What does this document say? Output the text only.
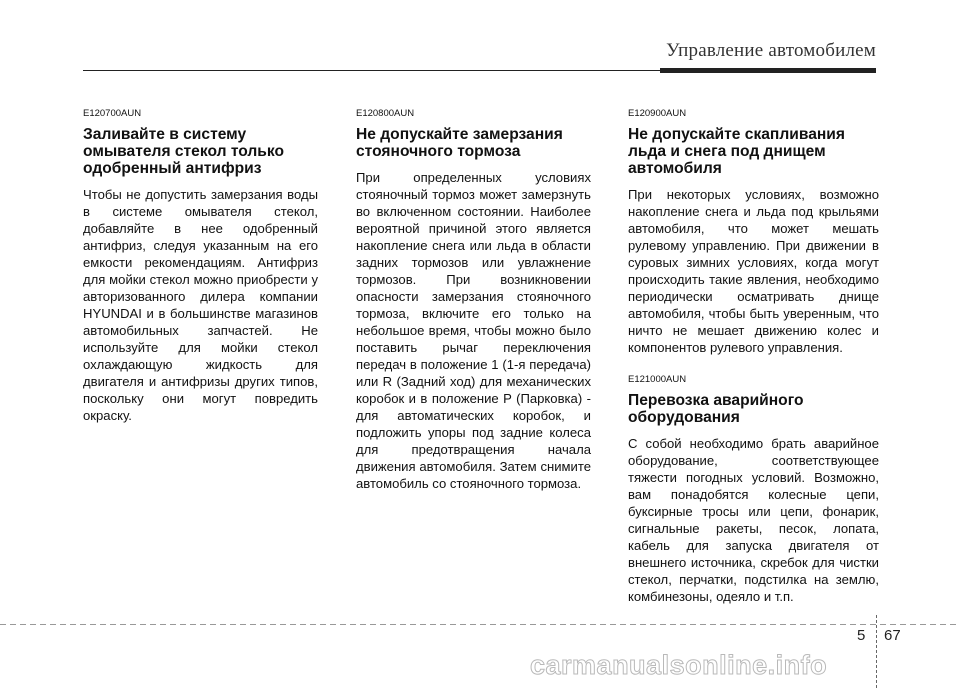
Управление автомобилем

E120700AUN

Заливайте в систему омывателя стекол только одобренный антифриз

Чтобы не допустить замерзания воды в системе омывателя стекол, добавляйте в нее одобренный антифриз, следуя указанным на его емкости рекомендациям. Антифриз для мойки стекол можно приобрести у авторизованного дилера компании HYUNDAI и в большинстве магазинов автомобильных запчастей. Не используйте для мойки стекол охлаждающую жидкость для двигателя и антифризы других типов, поскольку они могут повредить окраску.

E120800AUN

Не допускайте замерзания стояночного тормоза

При определенных условиях стояночный тормоз может замерзнуть во включенном состоянии. Наиболее вероятной причиной этого является накопление снега или льда в области задних тормозов или увлажнение тормозов. При возникновении опасности замерзания стояночного тормоза, включите его только на небольшое время, чтобы можно было поставить рычаг переключения передач в положение 1 (1-я передача) или R (Задний ход) для механических коробок и в положение P (Парковка) - для автоматических коробок, и подложить упоры под задние колеса для предотвращения начала движения автомобиля. Затем снимите автомобиль со стояночного тормоза.

E120900AUN

Не допускайте скапливания льда и снега под днищем автомобиля

При некоторых условиях, возможно накопление снега и льда под крыльями автомобиля, что может мешать рулевому управлению. При движении в суровых зимних условиях, когда могут происходить такие явления, необходимо периодически осматривать днище автомобиля, чтобы быть уверенным, что ничто не мешает движению колес и компонентов рулевого управления.

E121000AUN

Перевозка аварийного оборудования

С собой необходимо брать аварийное оборудование, соответствующее тяжести погодных условий. Возможно, вам понадобятся колесные цепи, буксирные тросы или цепи, фонарик, сигнальные ракеты, песок, лопата, кабель для запуска двигателя от внешнего источника, скребок для чистки стекол, перчатки, подстилка на землю, комбинезоны, одеяло и т.п.

5 67
carmanualsonline.info
